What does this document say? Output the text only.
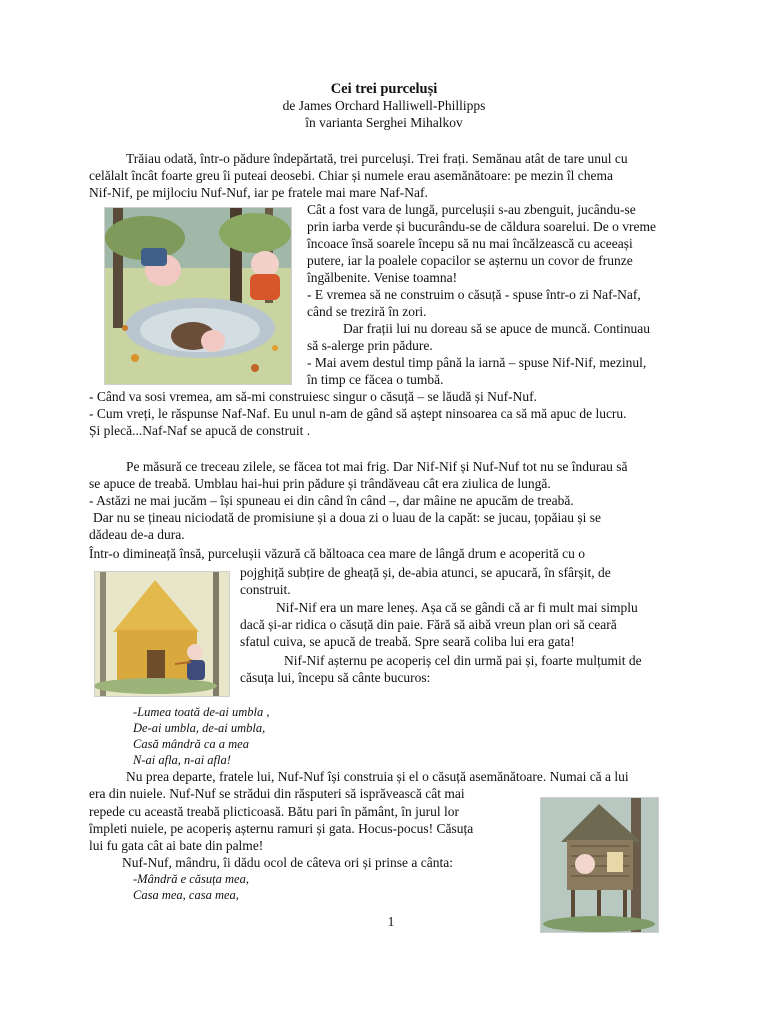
Cei trei purceluși
de James Orchard Halliwell-Phillipps
în varianta Serghei Mihalkov
Trăiau odată, într-o pădure îndepărtată, trei purceluși. Trei frați. Semănau atât de tare unul cu
celălalt încât foarte greu îi puteai deosebi. Chiar și numele erau asemănătoare: pe mezin îl chema
Nif-Nif, pe mijlociu Nuf-Nuf, iar pe fratele mai mare Naf-Naf.
Cât a fost vara de lungă, purcelușii s-au zbenguit, jucându-se
prin iarba verde și bucurându-se de căldura soarelui. De o vreme
încoace însă soarele începu să nu mai încălzească cu aceeași
putere, iar la poalele copacilor se așternu un covor de frunze
îngălbenite. Venise toamna!
- E vremea să ne construim o căsuță - spuse într-o zi Naf-Naf,
când se treziră în zori.
Dar frații lui nu doreau să se apuce de muncă. Continuau
să s-alerge prin pădure.
- Mai avem destul timp până la iarnă – spuse Nif-Nif, mezinul,
în timp ce făcea o tumbă.
- Când va sosi vremea, am să-mi construiesc singur o căsuță – se lăudă și Nuf-Nuf.
- Cum vreți, le răspunse Naf-Naf. Eu unul n-am de gând să aștept ninsoarea ca să mă apuc de lucru.
Și plecă...Naf-Naf se apucă de construit .
Pe măsură ce treceau zilele, se făcea tot mai frig. Dar Nif-Nif și Nuf-Nuf tot nu se îndurau să
se apuce de treabă. Umblau hai-hui prin pădure și trândăveau cât era ziulica de lungă.
- Astăzi ne mai jucăm – își spuneau ei din când în când –, dar mâine ne apucăm de treabă.
Dar nu se țineau niciodată de promisiune și a doua zi o luau de la capăt: se jucau, țopăiau și se
dădeau de-a dura.
Într-o dimineață însă, purcelușii văzură că băltoaca cea mare de lângă drum e acoperită cu o
pojghiță subțire de gheață și, de-abia atunci, se apucară, în sfârșit, de
construit.
Nif-Nif era un mare leneș. Așa că se gândi că ar fi mult mai simplu
dacă și-ar ridica o căsuță din paie. Fără să aibă vreun plan ori să ceară
sfatul cuiva, se apucă de treabă. Spre seară coliba lui era gata!
Nif-Nif așternu pe acoperiș cel din urmă pai și, foarte mulțumit de
căsuța lui, începu să cânte bucuros:
-Lumea toată de-ai umbla ,
De-ai umbla, de-ai umbla,
Casă mândră ca a mea
N-ai afla, n-ai afla!
Nu prea departe, fratele lui, Nuf-Nuf își construia și el o căsuță asemănătoare. Numai că a lui
era din nuiele. Nuf-Nuf se strădui din răsputeri să isprăvească cât mai
repede cu această treabă plicticoasă. Bătu pari în pământ, în jurul lor
împleti nuiele, pe acoperiș așternu ramuri și gata. Hocus-pocus! Căsuța
lui fu gata cât ai bate din palme!
Nuf-Nuf, mândru, îi dădu ocol de câteva ori și prinse a cânta:
-Mândră e căsuța mea,
Casa mea, casa mea,
1
